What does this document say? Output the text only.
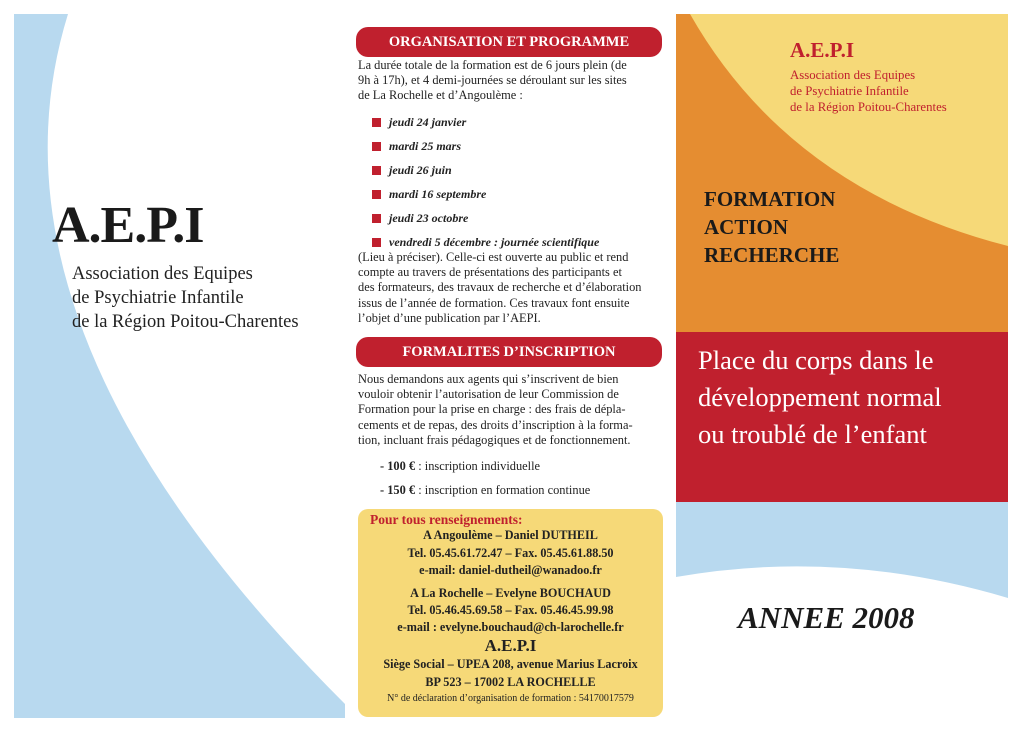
A.E.P.I
Association des Equipes
de Psychiatrie Infantile
de la Région Poitou-Charentes
ORGANISATION ET PROGRAMME
La durée totale de la formation est de 6 jours plein (de
9h à 17h), et 4 demi-journées se déroulant sur les sites
de La Rochelle et d’Angoulème :
jeudi 24 janvier
mardi 25 mars
jeudi 26 juin
mardi 16 septembre
jeudi 23 octobre
vendredi 5 décembre : journée scientifique
(Lieu à préciser). Celle-ci est ouverte au public et rend
compte au travers de présentations des participants et
des formateurs, des travaux de recherche et d’élaboration
issus de l’année de formation. Ces travaux font ensuite
l’objet d’une publication par l’AEPI.
FORMALITES D’INSCRIPTION
Nous demandons aux agents qui s’inscrivent de bien
vouloir obtenir l’autorisation de leur Commission de
Formation pour la prise en charge : des frais de dépla-
cements et de repas, des droits d’inscription à la forma-
tion, incluant frais pédagogiques et de fonctionnement.
- 100 € : inscription individuelle
- 150 € : inscription en formation continue
Pour tous renseignements:
A Angoulème – Daniel DUTHEIL
Tel. 05.45.61.72.47 – Fax. 05.45.61.88.50
e-mail: daniel-dutheil@wanadoo.fr
A La Rochelle – Evelyne BOUCHAUD
Tel. 05.46.45.69.58 – Fax. 05.46.45.99.98
e-mail : evelyne.bouchaud@ch-larochelle.fr
A.E.P.I
Siège Social – UPEA 208, avenue Marius Lacroix
BP 523 – 17002 LA ROCHELLE
N° de déclaration d’organisation de formation : 54170017579
A.E.P.I
Association des Equipes
de Psychiatrie Infantile
de la Région Poitou-Charentes
FORMATION
ACTION
RECHERCHE
Place du corps dans le
développement normal
ou troublé de l’enfant
ANNEE 2008
